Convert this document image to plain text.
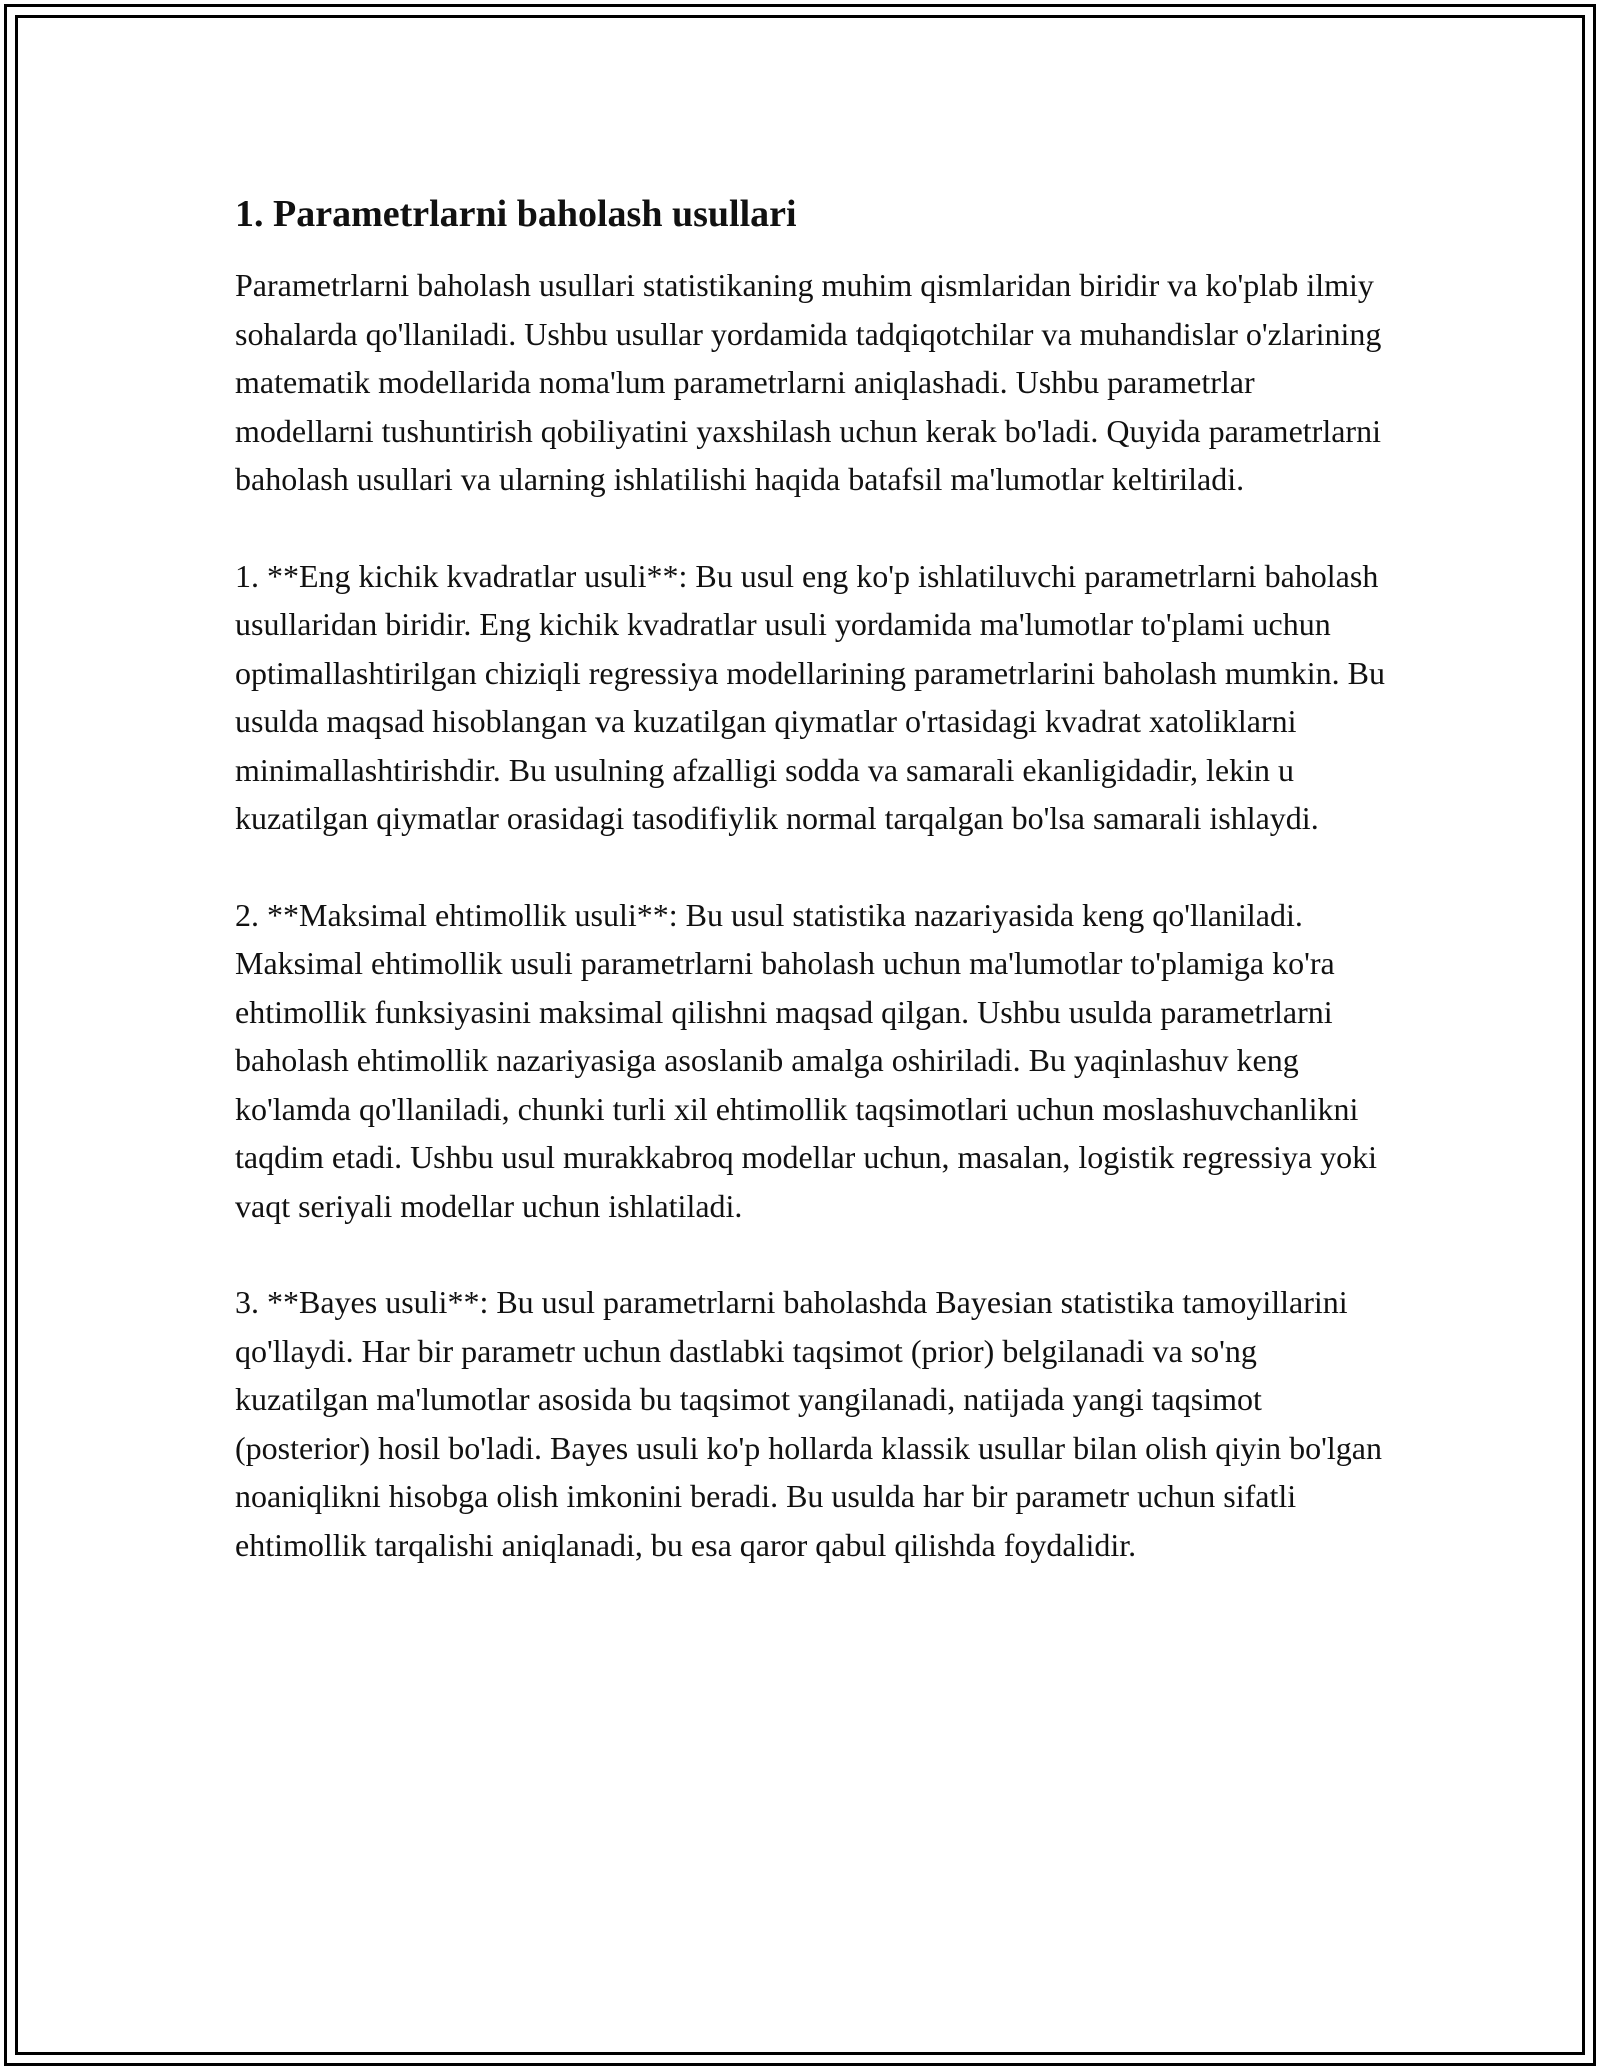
1. Parametrlarni baholash usullari

Parametrlarni baholash usullari statistikaning muhim qismlaridan biridir va ko'plab ilmiy sohalarda qo'llaniladi. Ushbu usullar yordamida tadqiqotchilar va muhandislar o'zlarining matematik modellarida noma'lum parametrlarni aniqlashadi. Ushbu parametrlar modellarni tushuntirish qobiliyatini yaxshilash uchun kerak bo'ladi. Quyida parametrlarni baholash usullari va ularning ishlatilishi haqida batafsil ma'lumotlar keltiriladi.

1. **Eng kichik kvadratlar usuli**: Bu usul eng ko'p ishlatiluvchi parametrlarni baholash usullaridan biridir. Eng kichik kvadratlar usuli yordamida ma'lumotlar to'plami uchun optimallashtirilgan chiziqli regressiya modellarining parametrlarini baholash mumkin. Bu usulda maqsad hisoblangan va kuzatilgan qiymatlar o'rtasidagi kvadrat xatoliklarni minimallashtirishdir. Bu usulning afzalligi sodda va samarali ekanligidadir, lekin u kuzatilgan qiymatlar orasidagi tasodifiylik normal tarqalgan bo'lsa samarali ishlaydi.

2. **Maksimal ehtimollik usuli**: Bu usul statistika nazariyasida keng qo'llaniladi. Maksimal ehtimollik usuli parametrlarni baholash uchun ma'lumotlar to'plamiga ko'ra ehtimollik funksiyasini maksimal qilishni maqsad qilgan. Ushbu usulda parametrlarni baholash ehtimollik nazariyasiga asoslanib amalga oshiriladi. Bu yaqinlashuv keng ko'lamda qo'llaniladi, chunki turli xil ehtimollik taqsimotlari uchun moslashuvchanlikni taqdim etadi. Ushbu usul murakkabroq modellar uchun, masalan, logistik regressiya yoki vaqt seriyali modellar uchun ishlatiladi.

3. **Bayes usuli**: Bu usul parametrlarni baholashda Bayesian statistika tamoyillarini qo'llaydi. Har bir parametr uchun dastlabki taqsimot (prior) belgilanadi va so'ng kuzatilgan ma'lumotlar asosida bu taqsimot yangilanadi, natijada yangi taqsimot (posterior) hosil bo'ladi. Bayes usuli ko'p hollarda klassik usullar bilan olish qiyin bo'lgan noaniqlikni hisobga olish imkonini beradi. Bu usulda har bir parametr uchun sifatli ehtimollik tarqalishi aniqlanadi, bu esa qaror qabul qilishda foydalidir.
